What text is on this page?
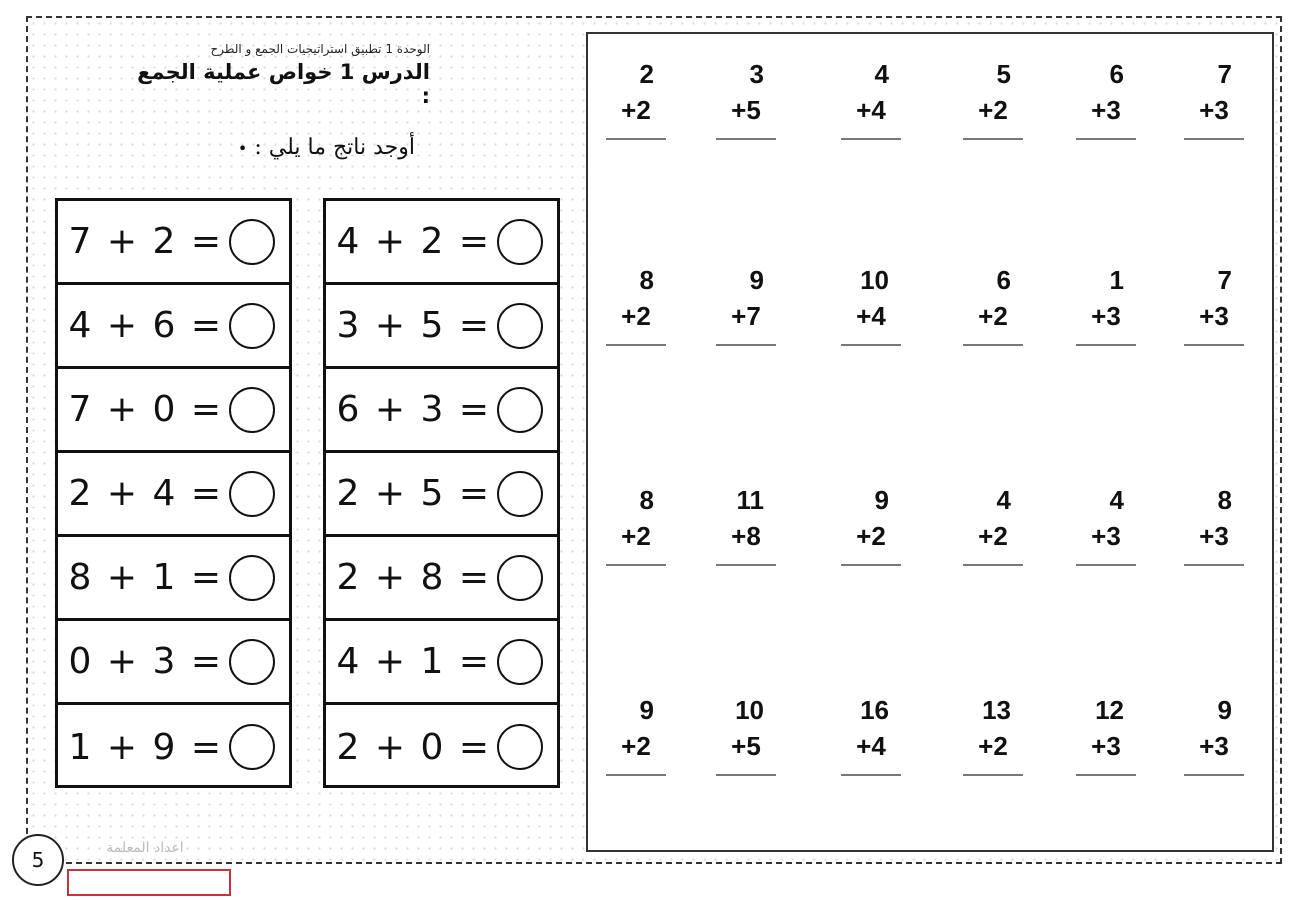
الوحدة 1 تطبيق استراتيجيات الجمع و الطرح
الدرس 1 خواص عملية الجمع :
أوجد ناتج ما يلي : •
7 + 2 =
4 + 6 =
7 + 0 =
2 + 4 =
8 + 1 =
0 + 3 =
1 + 9 =
4 + 2 =
3 + 5 =
6 + 3 =
2 + 5 =
2 + 8 =
4 + 1 =
2 + 0 =
2
+2
3
+5
4
+4
5
+2
6
+3
7
+3
8
+2
9
+7
10
+4
6
+2
1
+3
7
+3
8
+2
11
+8
9
+2
4
+2
4
+3
8
+3
9
+2
10
+5
16
+4
13
+2
12
+3
9
+3
5	اعداد المعلمة
